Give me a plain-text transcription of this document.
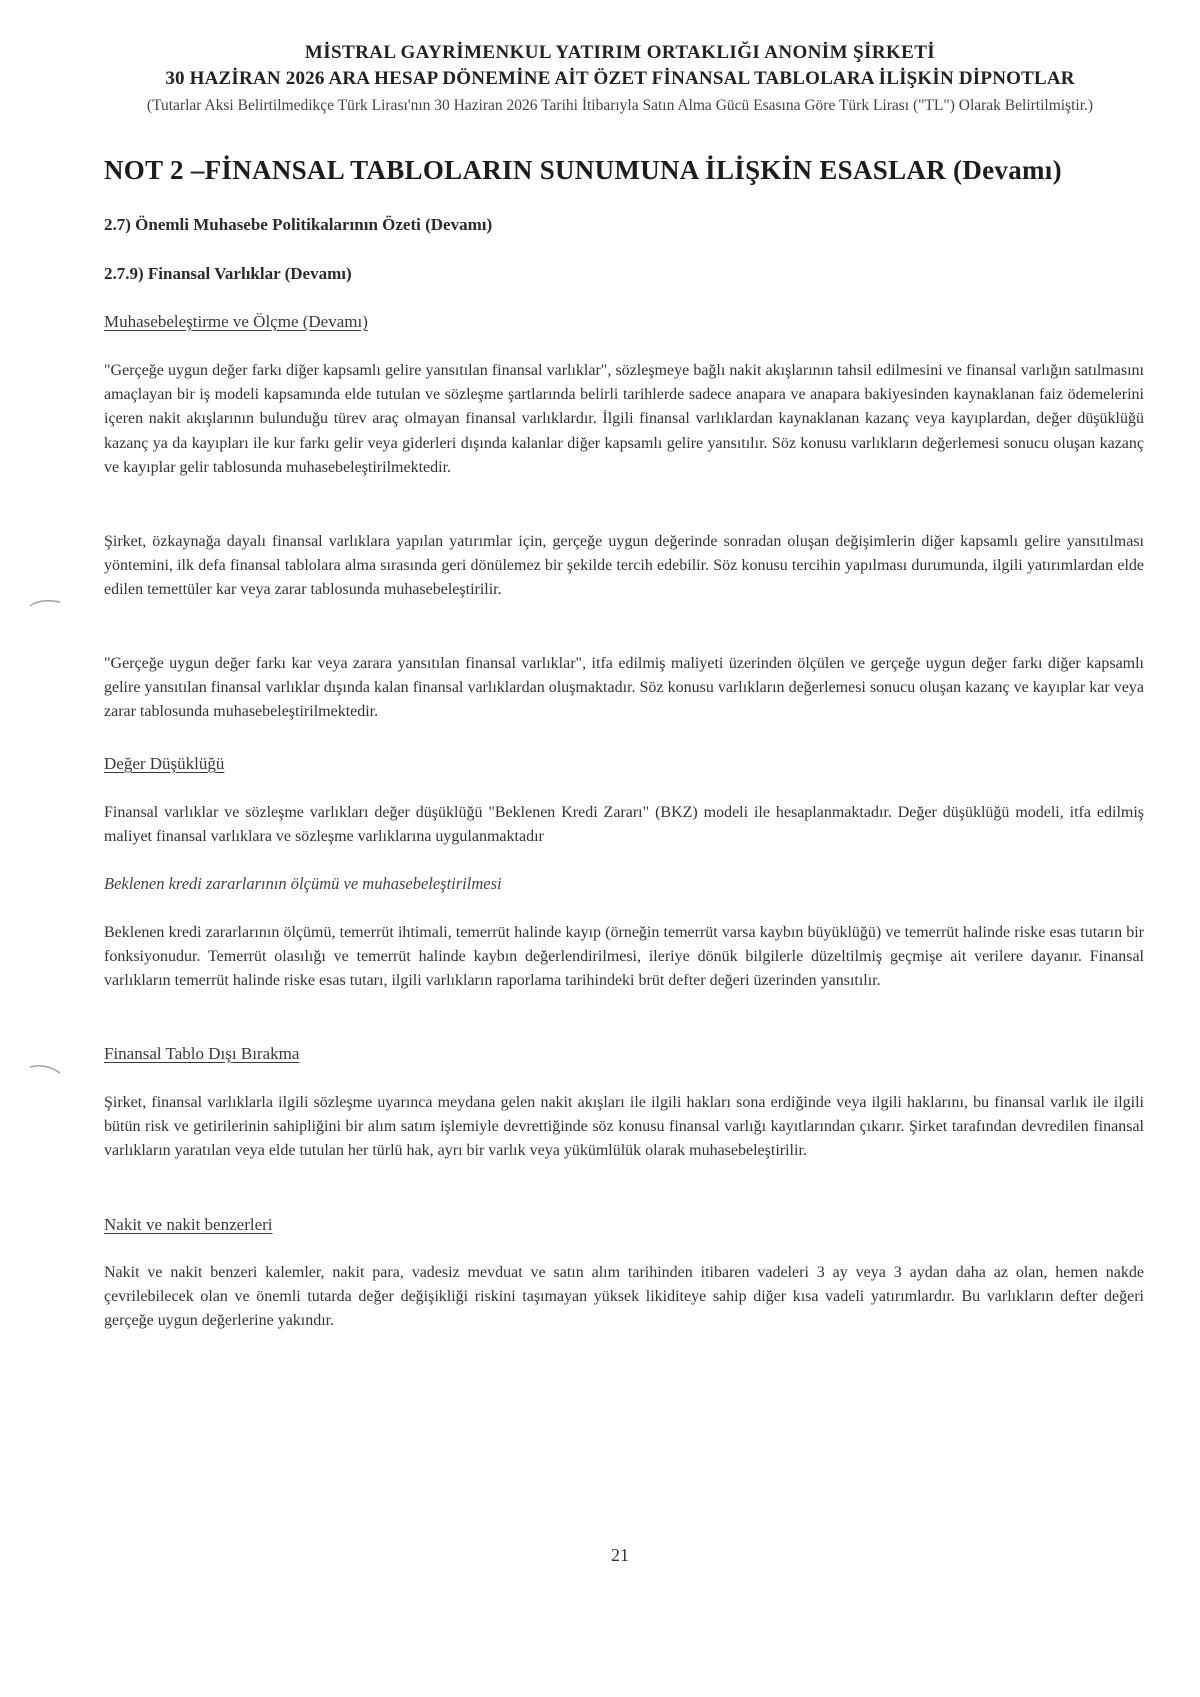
MİSTRAL GAYRİMENKUL YATIRIM ORTAKLIĞI ANONİM ŞİRKETİ
30 HAZİRAN 2026 ARA HESAP DÖNEMİNE AİT ÖZET FİNANSAL TABLOLARA İLİŞKİN DİPNOTLAR
(Tutarlar Aksi Belirtilmedikçe Türk Lirası'nın 30 Haziran 2026 Tarihi İtibarıyla Satın Alma Gücü Esasına Göre Türk Lirası ("TL") Olarak Belirtilmiştir.)
NOT 2 –FİNANSAL TABLOLARIN SUNUMUNA İLİŞKİN ESASLAR (Devamı)
2.7) Önemli Muhasebe Politikalarının Özeti (Devamı)
2.7.9) Finansal Varlıklar (Devamı)
Muhasebeleştirme ve Ölçme (Devamı)
"Gerçeğe uygun değer farkı diğer kapsamlı gelire yansıtılan finansal varlıklar", sözleşmeye bağlı nakit akışlarının tahsil edilmesini ve finansal varlığın satılmasını amaçlayan bir iş modeli kapsamında elde tutulan ve sözleşme şartlarında belirli tarihlerde sadece anapara ve anapara bakiyesinden kaynaklanan faiz ödemelerini içeren nakit akışlarının bulunduğu türev araç olmayan finansal varlıklardır. İlgili finansal varlıklardan kaynaklanan kazanç veya kayıplardan, değer düşüklüğü kazanç ya da kayıpları ile kur farkı gelir veya giderleri dışında kalanlar diğer kapsamlı gelire yansıtılır. Söz konusu varlıkların değerlemesi sonucu oluşan kazanç ve kayıplar gelir tablosunda muhasebeleştirilmektedir.
Şirket, özkaynağa dayalı finansal varlıklara yapılan yatırımlar için, gerçeğe uygun değerinde sonradan oluşan değişimlerin diğer kapsamlı gelire yansıtılması yöntemini, ilk defa finansal tablolara alma sırasında geri dönülemez bir şekilde tercih edebilir. Söz konusu tercihin yapılması durumunda, ilgili yatırımlardan elde edilen temettüler kar veya zarar tablosunda muhasebeleştirilir.
"Gerçeğe uygun değer farkı kar veya zarara yansıtılan finansal varlıklar", itfa edilmiş maliyeti üzerinden ölçülen ve gerçeğe uygun değer farkı diğer kapsamlı gelire yansıtılan finansal varlıklar dışında kalan finansal varlıklardan oluşmaktadır. Söz konusu varlıkların değerlemesi sonucu oluşan kazanç ve kayıplar kar veya zarar tablosunda muhasebeleştirilmektedir.
Değer Düşüklüğü
Finansal varlıklar ve sözleşme varlıkları değer düşüklüğü "Beklenen Kredi Zararı" (BKZ) modeli ile hesaplanmaktadır. Değer düşüklüğü modeli, itfa edilmiş maliyet finansal varlıklara ve sözleşme varlıklarına uygulanmaktadır
Beklenen kredi zararlarının ölçümü ve muhasebeleştirilmesi
Beklenen kredi zararlarının ölçümü, temerrüt ihtimali, temerrüt halinde kayıp (örneğin temerrüt varsa kaybın büyüklüğü) ve temerrüt halinde riske esas tutarın bir fonksiyonudur. Temerrüt olasılığı ve temerrüt halinde kaybın değerlendirilmesi, ileriye dönük bilgilerle düzeltilmiş geçmişe ait verilere dayanır. Finansal varlıkların temerrüt halinde riske esas tutarı, ilgili varlıkların raporlama tarihindeki brüt defter değeri üzerinden yansıtılır.
Finansal Tablo Dışı Bırakma
Şirket, finansal varlıklarla ilgili sözleşme uyarınca meydana gelen nakit akışları ile ilgili hakları sona erdiğinde veya ilgili haklarını, bu finansal varlık ile ilgili bütün risk ve getirilerinin sahipliğini bir alım satım işlemiyle devrettiğinde söz konusu finansal varlığı kayıtlarından çıkarır. Şirket tarafından devredilen finansal varlıkların yaratılan veya elde tutulan her türlü hak, ayrı bir varlık veya yükümlülük olarak muhasebeleştirilir.
Nakit ve nakit benzerleri
Nakit ve nakit benzeri kalemler, nakit para, vadesiz mevduat ve satın alım tarihinden itibaren vadeleri 3 ay veya 3 aydan daha az olan, hemen nakde çevrilebilecek olan ve önemli tutarda değer değişikliği riskini taşımayan yüksek likiditeye sahip diğer kısa vadeli yatırımlardır. Bu varlıkların defter değeri gerçeğe uygun değerlerine yakındır.
21
